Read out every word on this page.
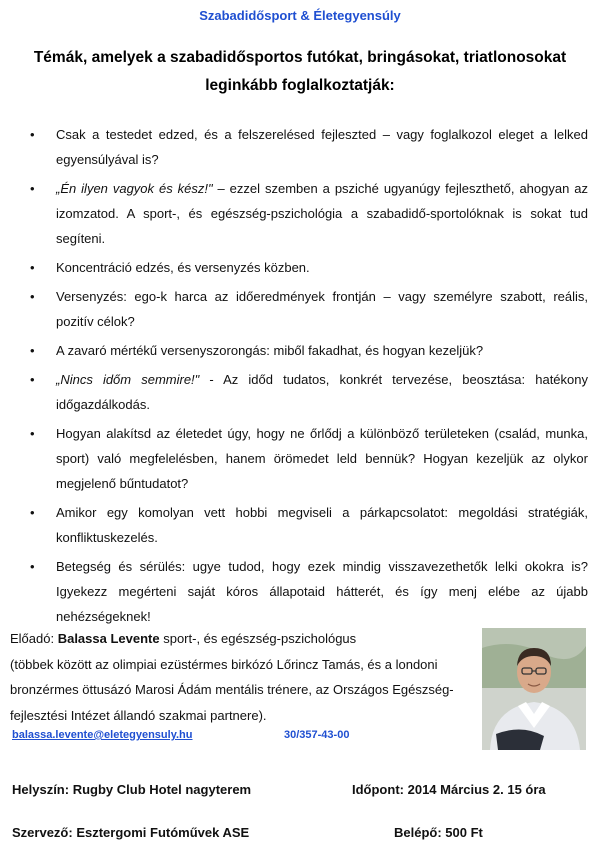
Szabadidősport & Életegyensúly
Témák, amelyek a szabadidősportos futókat, bringásokat, triatlonosokat
leginkább foglalkoztatják:
• Csak a testedet edzed, és a felszerelésed fejleszted – vagy foglalkozol eleget a lelked egyensúlyával is?
• „Én ilyen vagyok és kész!" – ezzel szemben a psziché ugyanúgy fejleszthető, ahogyan az izomzatod. A sport-, és egészség-pszichológia a szabadidő-sportolóknak is sokat tud segíteni.
• Koncentráció edzés, és versenyzés közben.
• Versenyzés: ego-k harca az időeredmények frontján – vagy személyre szabott, reális, pozitív célok?
• A zavaró mértékű versenyszorongás: miből fakadhat, és hogyan kezeljük?
• „Nincs időm semmire!" - Az időd tudatos, konkrét tervezése, beosztása: hatékony időgazdálkodás.
• Hogyan alakítsd az életedet úgy, hogy ne őrlődj a különböző területeken (család, munka, sport) való megfelelésben, hanem örömedet leld bennük? Hogyan kezeljük az olykor megjelenő bűntudatot?
• Amikor egy komolyan vett hobbi megviseli a párkapcsolatot: megoldási stratégiák, konfliktuskezelés.
• Betegség és sérülés: ugye tudod, hogy ezek mindig visszavezethetők lelki okokra is? Igyekezz megérteni saját kóros állapotaid hátterét, és így menj elébe az újabb nehézségeknek!
Előadó: Balassa Levente sport-, és egészség-pszichológus
(többek között az olimpiai ezüstérmes birkózó Lőrincz Tamás, és a londoni bronzérmes öttusázó Marosi Ádám mentális trénere, az Országos Egészség-fejlesztési Intézet állandó szakmai partnere).
balassa.levente@eletegyensuly.hu	30/357-43-00
Helyszín: Rugby Club Hotel nagyterem	Időpont: 2014 Március 2. 15 óra
Szervező: Esztergomi Futóművek ASE	Belépő: 500 Ft
